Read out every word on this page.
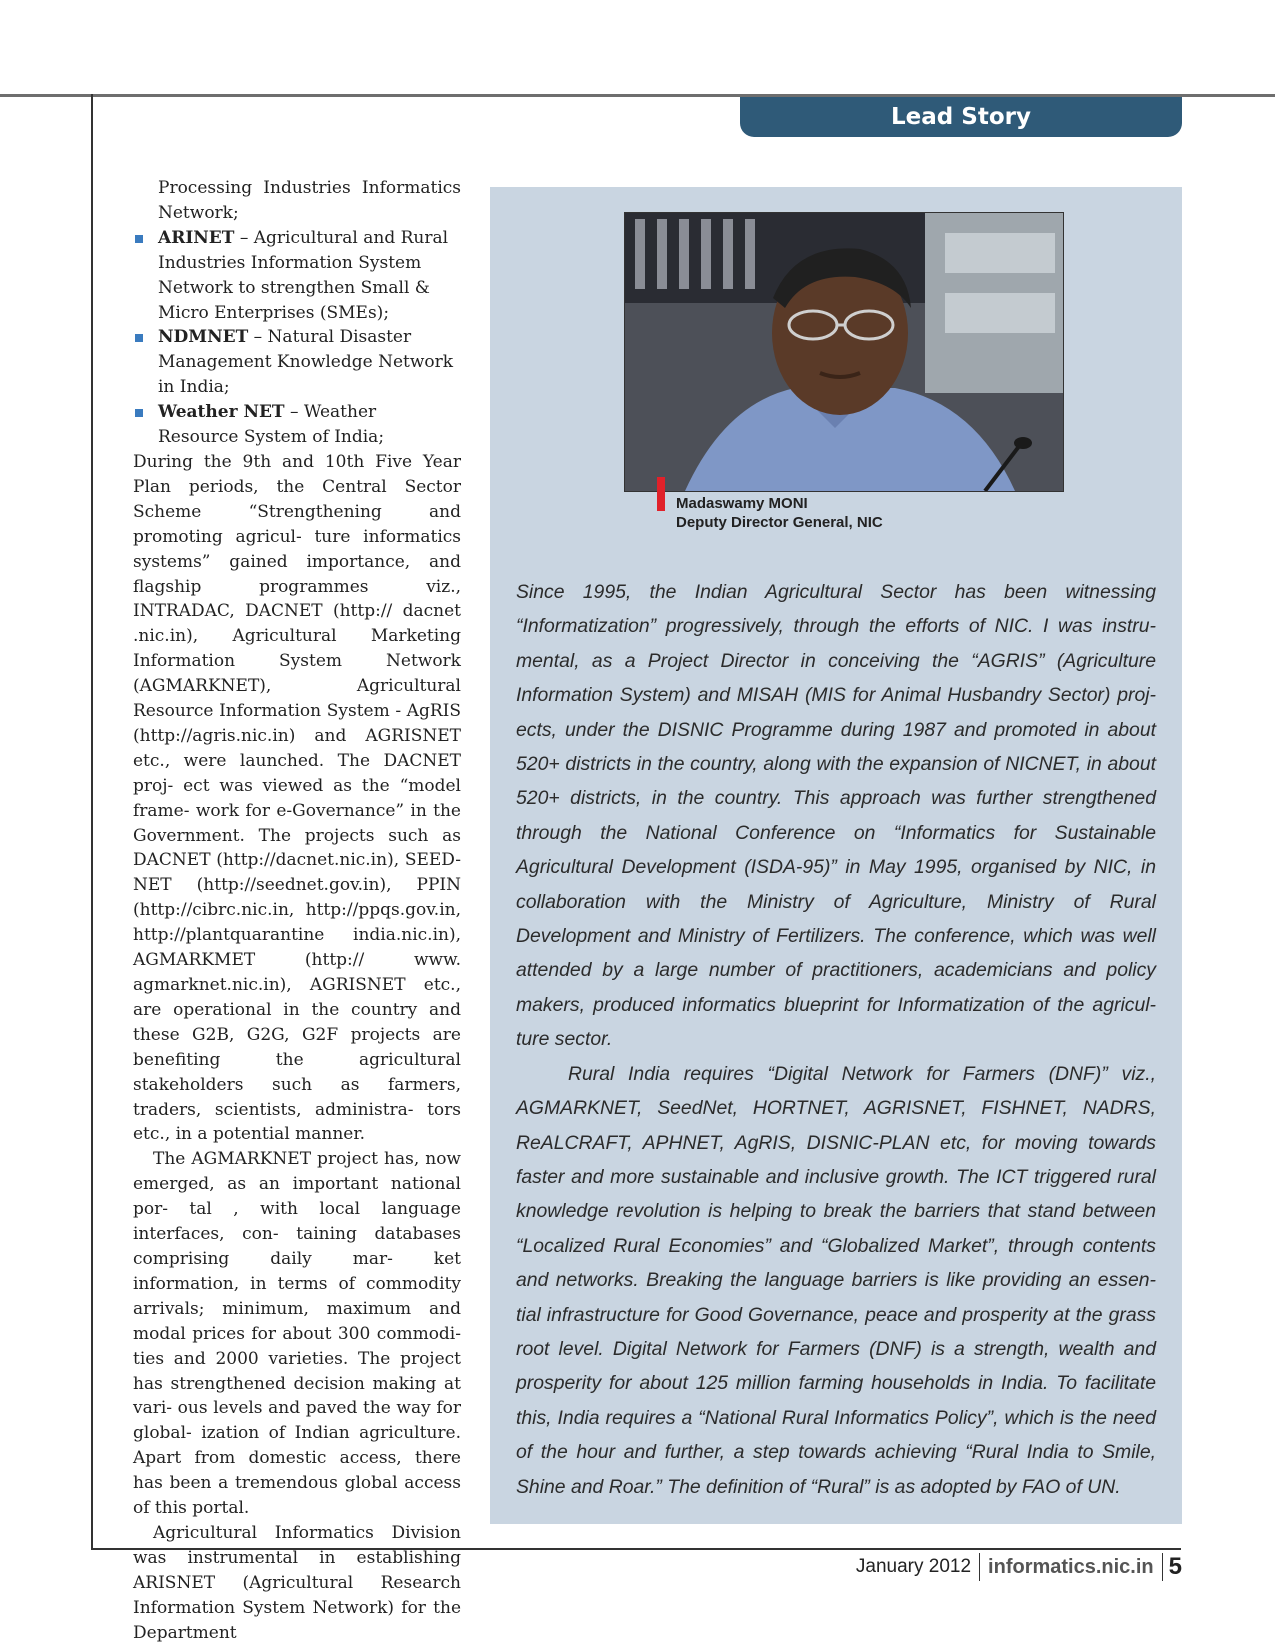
Lead Story

Processing Industries Informatics Network;

ARINET – Agricultural and Rural Industries Information System Network to strengthen Small & Micro Enterprises (SMEs);
NDMNET – Natural Disaster Management Knowledge Network in India;
Weather NET – Weather Resource System of India;

During the 9th and 10th Five Year Plan periods, the Central Sector Scheme “Strengthening and promoting agricul- ture informatics systems” gained importance, and flagship programmes viz., INTRADAC, DACNET (http:// dacnet .nic.in), Agricultural Marketing Information System Network (AGMARKNET), Agricultural Resource Information System - AgRIS (http://agris.nic.in) and AGRISNET etc., were launched. The DACNET proj- ect was viewed as the “model frame- work for e-Governance” in the Government. The projects such as DACNET (http://dacnet.nic.in), SEED- NET (http://seednet.gov.in), PPIN (http://cibrc.nic.in, http://ppqs.gov.in, http://plantquarantine india.nic.in), AGMARKMET (http:// www. agmarknet.nic.in), AGRISNET etc., are operational in the country and these G2B, G2G, G2F projects are benefiting the agricultural stakeholders such as farmers, traders, scientists, administra- tors etc., in a potential manner.

The AGMARKNET project has, now emerged, as an important national por- tal , with local language interfaces, con- taining databases comprising daily mar- ket information, in terms of commodity arrivals; minimum, maximum and modal prices for about 300 commodi- ties and 2000 varieties. The project has strengthened decision making at vari- ous levels and paved the way for global- ization of Indian agriculture. Apart from domestic access, there has been a tremendous global access of this portal.

Agricultural Informatics Division was instrumental in establishing ARISNET (Agricultural Research Information System Network) for the Department

Madaswamy MONI
Deputy Director General, NIC

Since 1995, the Indian Agricultural Sector has been witnessing “Informatization” progressively, through the efforts of NIC. I was instru- mental, as a Project Director in conceiving the “AGRIS” (Agriculture Information System) and MISAH (MIS for Animal Husbandry Sector) proj- ects, under the DISNIC Programme during 1987 and promoted in about 520+ districts in the country, along with the expansion of NICNET, in about 520+ districts, in the country. This approach was further strengthened through the National Conference on “Informatics for Sustainable Agricultural Development (ISDA-95)” in May 1995, organised by NIC, in collaboration with the Ministry of Agriculture, Ministry of Rural Development and Ministry of Fertilizers. The conference, which was well attended by a large number of practitioners, academicians and policy makers, produced informatics blueprint for Informatization of the agricul- ture sector.

Rural India requires “Digital Network for Farmers (DNF)” viz., AGMARKNET, SeedNet, HORTNET, AGRISNET, FISHNET, NADRS, ReALCRAFT, APHNET, AgRIS, DISNIC-PLAN etc, for moving towards faster and more sustainable and inclusive growth. The ICT triggered rural knowledge revolution is helping to break the barriers that stand between “Localized Rural Economies” and “Globalized Market”, through contents and networks. Breaking the language barriers is like providing an essen- tial infrastructure for Good Governance, peace and prosperity at the grass root level. Digital Network for Farmers (DNF) is a strength, wealth and prosperity for about 125 million farming households in India. To facilitate this, India requires a “National Rural Informatics Policy”, which is the need of the hour and further, a step towards achieving “Rural India to Smile, Shine and Roar.” The definition of “Rural” is as adopted by FAO of UN.

January 2012 informatics.nic.in 5
